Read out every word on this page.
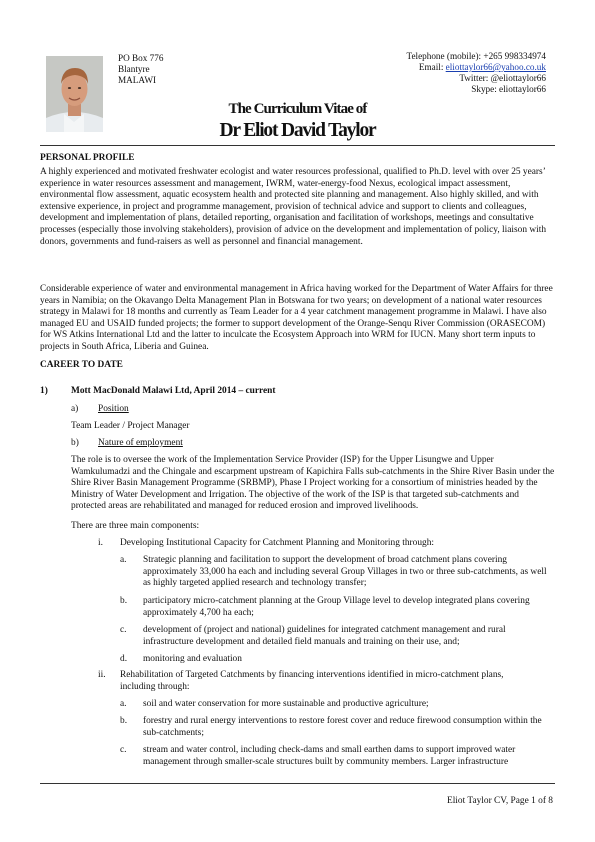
PO Box 776
Blantyre
MALAWI
Telephone (mobile): +265 998334974
Email: eliottaylor66@yahoo.co.uk
Twitter: @eliottaylor66
Skype: eliottaylor66
The Curriculum Vitae of
Dr Eliot David Taylor
PERSONAL PROFILE
A highly experienced and motivated freshwater ecologist and water resources professional, qualified to Ph.D. level with over 25 years’ experience in water resources assessment and management, IWRM, water-energy-food Nexus, ecological impact assessment, environmental flow assessment, aquatic ecosystem health and protected site planning and management. Also highly skilled, and with extensive experience, in project and programme management, provision of technical advice and support to clients and colleagues, development and implementation of plans, detailed reporting, organisation and facilitation of workshops, meetings and consultative processes (especially those involving stakeholders), provision of advice on the development and implementation of policy, liaison with donors, governments and fund-raisers as well as personnel and financial management.
Considerable experience of water and environmental management in Africa having worked for the Department of Water Affairs for three years in Namibia; on the Okavango Delta Management Plan in Botswana for two years; on development of a national water resources strategy in Malawi for 18 months and currently as Team Leader for a 4 year catchment management programme in Malawi. I have also managed EU and USAID funded projects; the former to support development of the Orange-Senqu River Commission (ORASECOM) for WS Atkins International Ltd and the latter to inculcate the Ecosystem Approach into WRM for IUCN. Many short term inputs to projects in South Africa, Liberia and Guinea.
CAREER TO DATE
1) Mott MacDonald Malawi Ltd, April 2014 – current
a) Position
Team Leader / Project Manager
b) Nature of employment
The role is to oversee the work of the Implementation Service Provider (ISP) for the Upper Lisungwe and Upper Wamkulumadzi and the Chingale and escarpment upstream of Kapichira Falls sub-catchments in the Shire River Basin under the Shire River Basin Management Programme (SRBMP), Phase I Project working for a consortium of ministries headed by the Ministry of Water Development and Irrigation. The objective of the work of the ISP is that targeted sub-catchments and protected areas are rehabilitated and managed for reduced erosion and improved livelihoods.
There are three main components:
i. Developing Institutional Capacity for Catchment Planning and Monitoring through:
a. Strategic planning and facilitation to support the development of broad catchment plans covering approximately 33,000 ha each and including several Group Villages in two or three sub-catchments, as well as highly targeted applied research and technology transfer;
b. participatory micro-catchment planning at the Group Village level to develop integrated plans covering approximately 4,700 ha each;
c. development of (project and national) guidelines for integrated catchment management and rural infrastructure development and detailed field manuals and training on their use, and;
d. monitoring and evaluation
ii. Rehabilitation of Targeted Catchments by financing interventions identified in micro-catchment plans, including through:
a. soil and water conservation for more sustainable and productive agriculture;
b. forestry and rural energy interventions to restore forest cover and reduce firewood consumption within the sub-catchments;
c. stream and water control, including check-dams and small earthen dams to support improved water management through smaller-scale structures built by community members. Larger infrastructure
Eliot Taylor CV, Page 1 of 8
